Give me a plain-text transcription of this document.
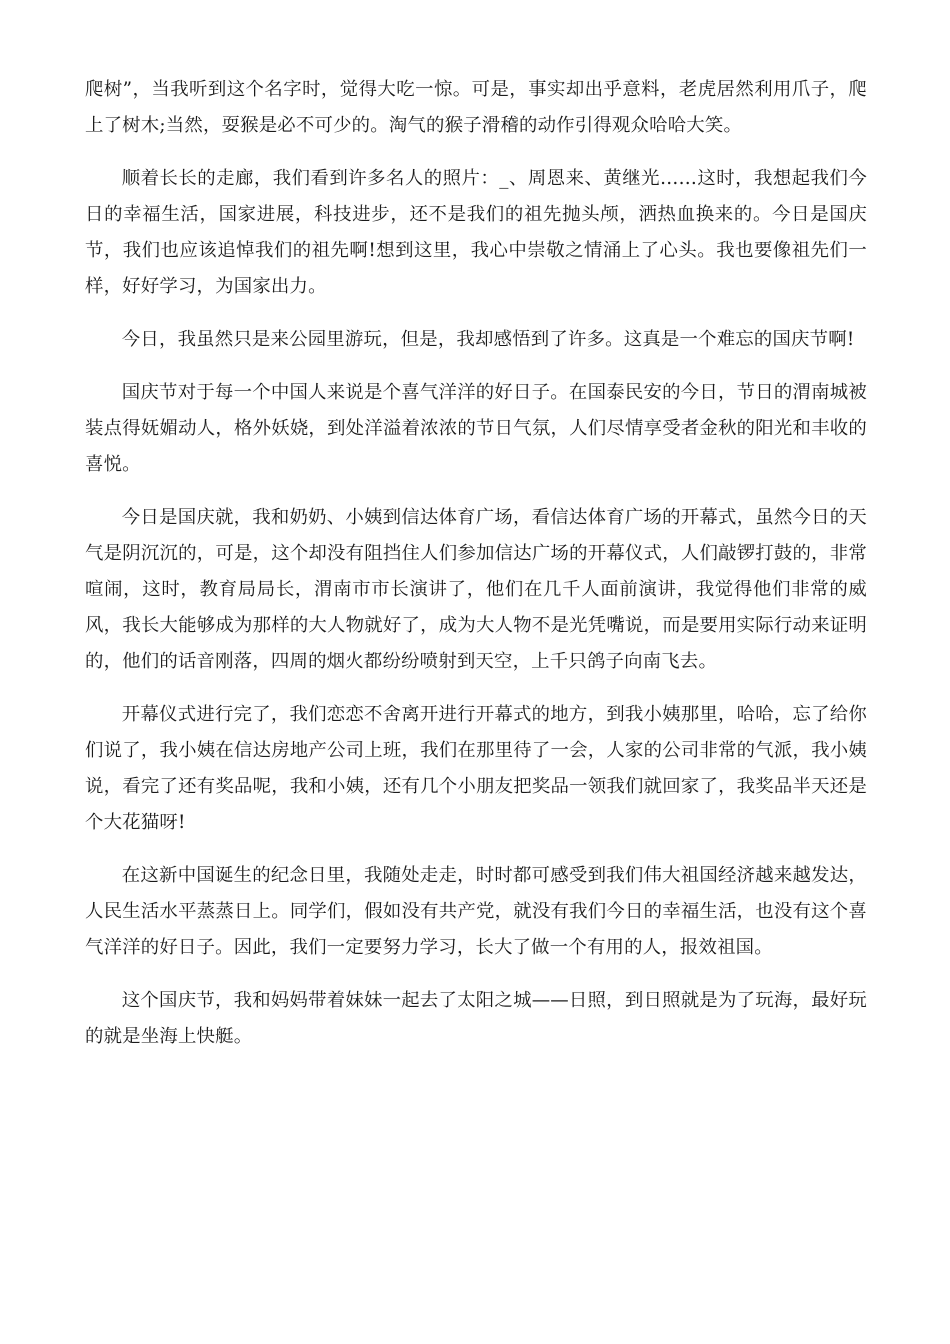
爬树”，当我听到这个名字时，觉得大吃一惊。可是，事实却出乎意料，老虎居然利用爪子，爬上了树木;当然，耍猴是必不可少的。淘气的猴子滑稽的动作引得观众哈哈大笑。

顺着长长的走廊，我们看到许多名人的照片：_、周恩来、黄继光……这时，我想起我们今日的幸福生活，国家进展，科技进步，还不是我们的祖先抛头颅，洒热血换来的。今日是国庆节，我们也应该追悼我们的祖先啊!想到这里，我心中崇敬之情涌上了心头。我也要像祖先们一样，好好学习，为国家出力。

今日，我虽然只是来公园里游玩，但是，我却感悟到了许多。这真是一个难忘的国庆节啊!

国庆节对于每一个中国人来说是个喜气洋洋的好日子。在国泰民安的今日，节日的渭南城被装点得妩媚动人，格外妖娆，到处洋溢着浓浓的节日气氛，人们尽情享受者金秋的阳光和丰收的喜悦。

今日是国庆就，我和奶奶、小姨到信达体育广场，看信达体育广场的开幕式，虽然今日的天气是阴沉沉的，可是，这个却没有阻挡住人们参加信达广场的开幕仪式，人们敲锣打鼓的，非常喧闹，这时，教育局局长，渭南市市长演讲了，他们在几千人面前演讲，我觉得他们非常的威风，我长大能够成为那样的大人物就好了，成为大人物不是光凭嘴说，而是要用实际行动来证明的，他们的话音刚落，四周的烟火都纷纷喷射到天空，上千只鸽子向南飞去。

开幕仪式进行完了，我们恋恋不舍离开进行开幕式的地方，到我小姨那里，哈哈，忘了给你们说了，我小姨在信达房地产公司上班，我们在那里待了一会，人家的公司非常的气派，我小姨说，看完了还有奖品呢，我和小姨，还有几个小朋友把奖品一领我们就回家了，我奖品半天还是个大花猫呀!

在这新中国诞生的纪念日里，我随处走走，时时都可感受到我们伟大祖国经济越来越发达，人民生活水平蒸蒸日上。同学们，假如没有共产党，就没有我们今日的幸福生活，也没有这个喜气洋洋的好日子。因此，我们一定要努力学习，长大了做一个有用的人，报效祖国。

这个国庆节，我和妈妈带着妹妹一起去了太阳之城——日照，到日照就是为了玩海，最好玩的就是坐海上快艇。
